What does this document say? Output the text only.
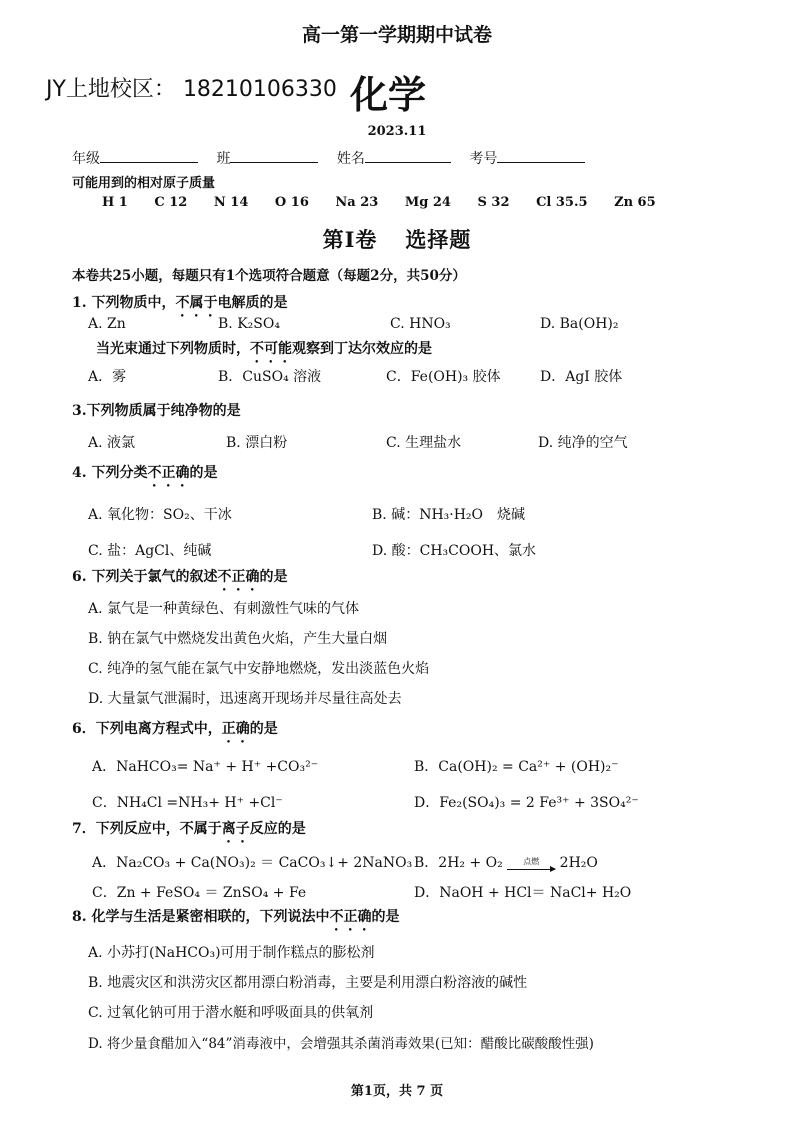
高一第一学期期中试卷
JY上地校区： 18210106330 化学
2023.11
年级	班	姓名	考号
可能用到的相对原子质量
H 1 C 12 N 14 O 16 Na 23 Mg 24 S 32 Cl 35.5 Zn 65
第Ⅰ卷 选择题
本卷共25小题，每题只有1个选项符合题意（每题2分，共50分）
1. 下列物质中，不属于电解质的是
A. Zn	B. K₂SO₄	C. HNO₃	D. Ba(OH)₂
当光束通过下列物质时，不可能观察到丁达尔效应的是
A．雾	B．CuSO₄ 溶液	C．Fe(OH)₃ 胶体	D．AgI 胶体
3.下列物质属于纯净物的是
A. 液氯	B. 漂白粉	C. 生理盐水	D. 纯净的空气
4. 下列分类不正确的是
A. 氧化物：SO₂、干冰	B. 碱：NH₃·H₂O　烧碱
C. 盐：AgCl、纯碱	D. 酸：CH₃COOH、氯水
6. 下列关于氯气的叙述不正确的是
A. 氯气是一种黄绿色、有刺激性气味的气体
B. 钠在氯气中燃烧发出黄色火焰，产生大量白烟
C. 纯净的氢气能在氯气中安静地燃烧，发出淡蓝色火焰
D. 大量氯气泄漏时，迅速离开现场并尽量往高处去
6．下列电离方程式中，正确的是
A．NaHCO₃= Na⁺ + H⁺ +CO₃²⁻	B．Ca(OH)₂ = Ca²⁺ + (OH)₂⁻
C．NH₄Cl =NH₃+ H⁺ +Cl⁻	D．Fe₂(SO₄)₃ = 2 Fe³⁺ + 3SO₄²⁻
7．下列反应中，不属于离子反应的是
A．Na₂CO₃ + Ca(NO₃)₂ ＝ CaCO₃↓+ 2NaNO₃ B．2H₂ + O₂	点燃 2H₂O
C．Zn + FeSO₄ ＝ ZnSO₄ + Fe	D．NaOH + HCl＝ NaCl+ H₂O
8. 化学与生活是紧密相联的，下列说法中不正确的是
A. 小苏打(NaHCO₃)可用于制作糕点的膨松剂
B. 地震灾区和洪涝灾区都用漂白粉消毒，主要是利用漂白粉溶液的碱性
C. 过氧化钠可用于潜水艇和呼吸面具的供氧剂
D. 将少量食醋加入“84”消毒液中，会增强其杀菌消毒效果(已知：醋酸比碳酸酸性强)
第1页，共 7 页
